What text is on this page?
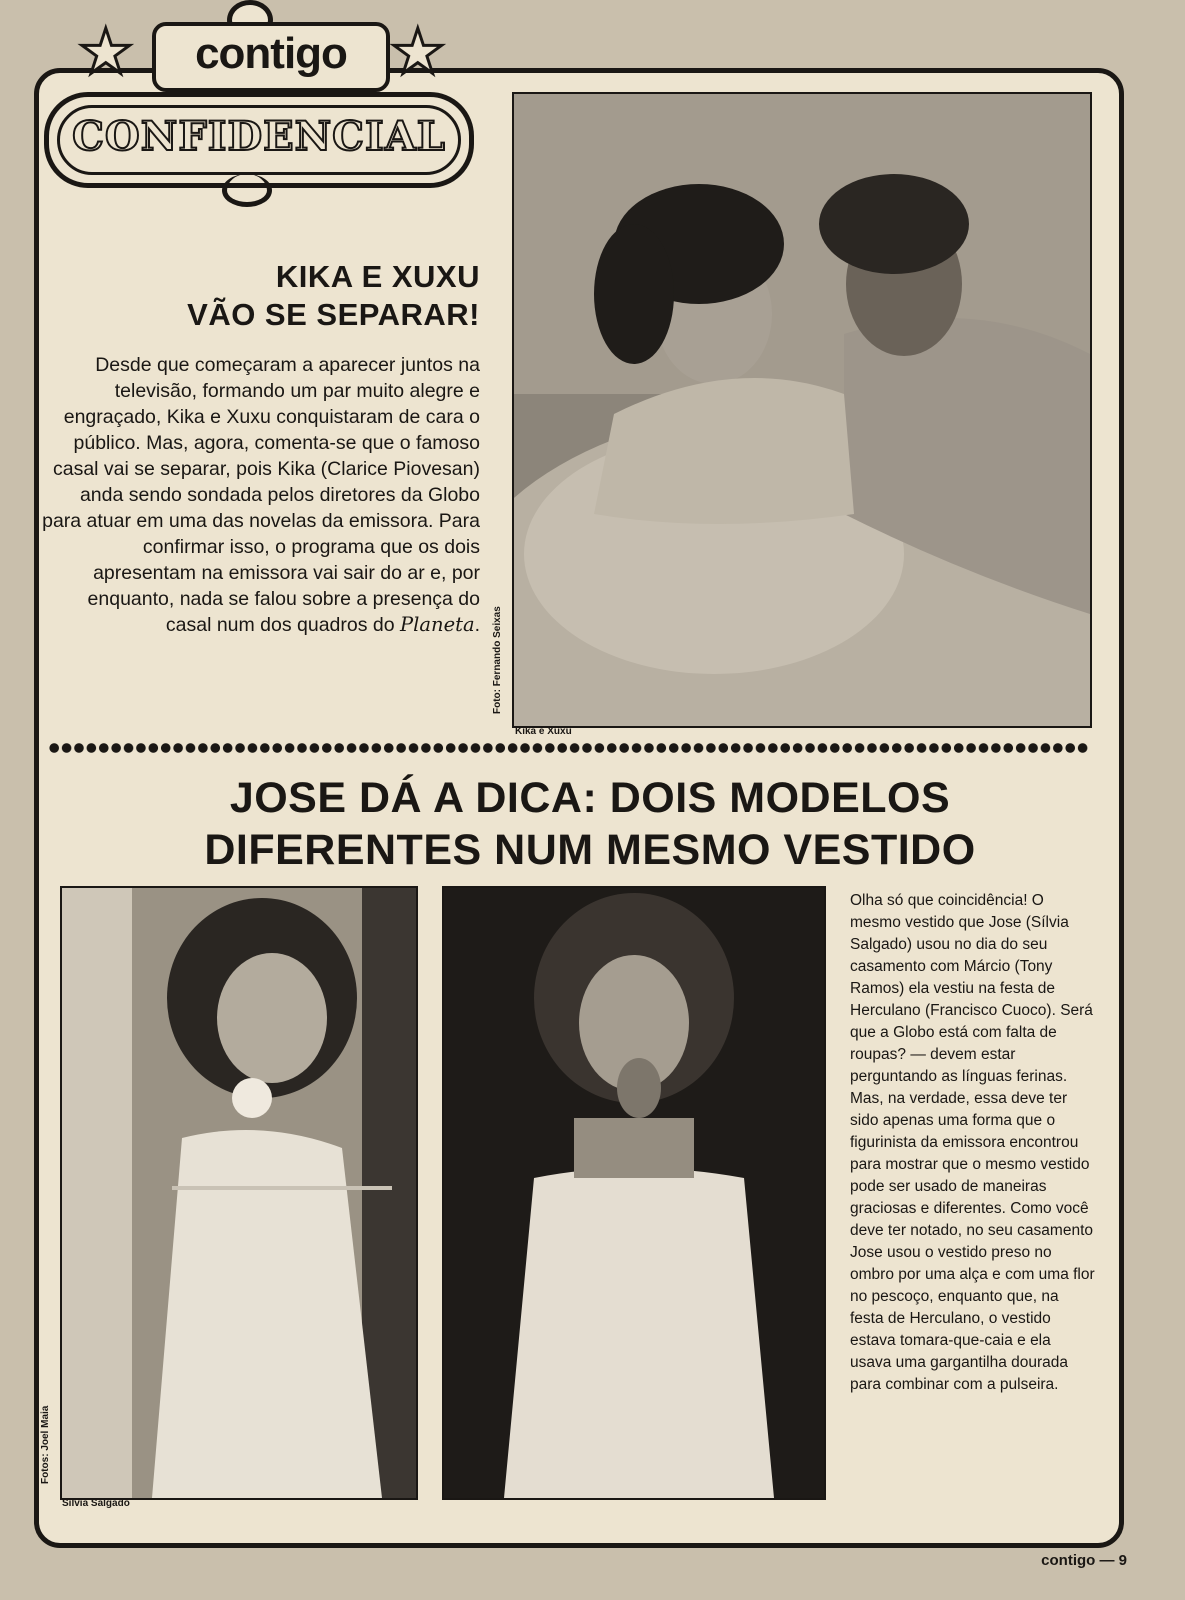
contigo
★	★
CONFIDENCIAL
KIKA E XUXU
VÃO SE SEPARAR!

Desde que começaram a aparecer juntos na televisão, formando um par muito alegre e engraçado, Kika e Xuxu conquistaram de cara o público. Mas, agora, comenta-se que o famoso casal vai se separar, pois Kika (Clarice Piovesan) anda sendo sondada pelos diretores da Globo para atuar em uma das novelas da emissora. Para confirmar isso, o programa que os dois apresentam na emissora vai sair do ar e, por enquanto, nada se falou sobre a presença do casal num dos quadros do Planeta. Foto: Fernando Seixas
Kika e Xuxu
JOSE DÁ A DICA: DOIS MODELOS
DIFERENTES NUM MESMO VESTIDO
Fotos: Joel Maia
Sílvia Salgado

Olha só que coincidência! O mesmo vestido que Jose (Sílvia Salgado) usou no dia do seu casamento com Márcio (Tony Ramos) ela vestiu na festa de Herculano (Francisco Cuoco). Será que a Globo está com falta de roupas? — devem estar perguntando as línguas ferinas. Mas, na verdade, essa deve ter sido apenas uma forma que o figurinista da emissora encontrou para mostrar que o mesmo vestido pode ser usado de maneiras graciosas e diferentes. Como você deve ter notado, no seu casamento Jose usou o vestido preso no ombro por uma alça e com uma flor no pescoço, enquanto que, na festa de Herculano, o vestido estava tomara-que-caia e ela usava uma gargantilha dourada para combinar com a pulseira.

contigo — 9
